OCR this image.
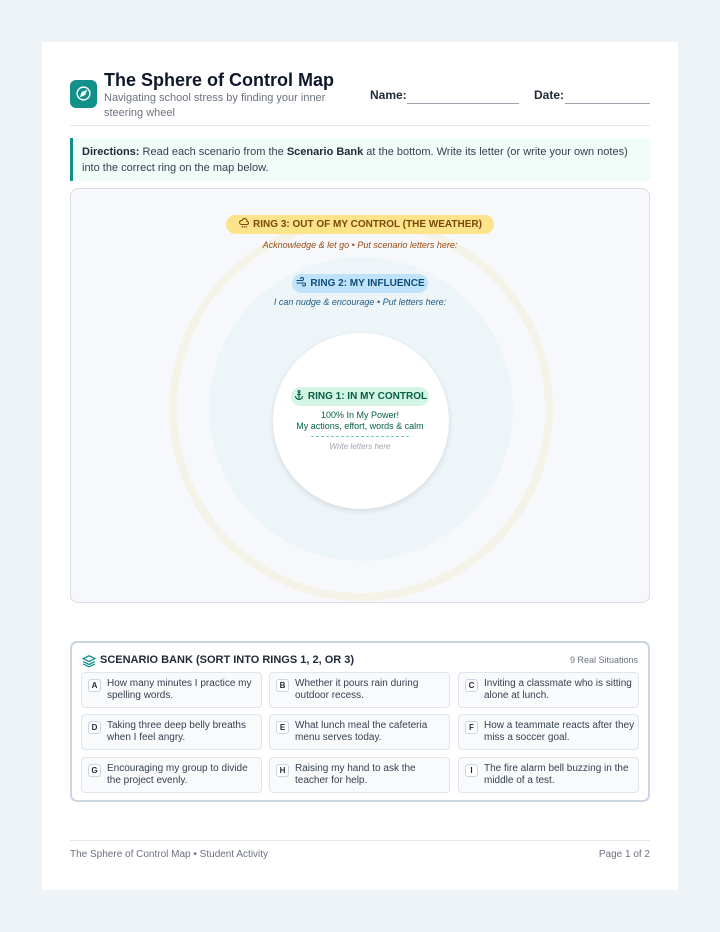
The Sphere of Control Map
Navigating school stress by finding your inner steering wheel
Name:	Date:
Directions: Read each scenario from the Scenario Bank at the bottom. Write its letter (or write your own notes) into the correct ring on the map below.
RING 3: OUT OF MY CONTROL (THE WEATHER)
Acknowledge & let go • Put scenario letters here:
RING 2: MY INFLUENCE
I can nudge & encourage • Put letters here:
RING 1: IN MY CONTROL
100% In My Power!
My actions, effort, words & calm
Write letters here
SCENARIO BANK (SORT INTO RINGS 1, 2, OR 3)	9 Real Situations
A How many minutes I practice my spelling words.
B Whether it pours rain during outdoor recess.
C Inviting a classmate who is sitting alone at lunch.
D Taking three deep belly breaths when I feel angry.
E What lunch meal the cafeteria menu serves today.
F	How a teammate reacts after they miss a soccer goal.
G Encouraging my group to divide the project evenly.
H Raising my hand to ask the teacher for help.
I	The fire alarm bell buzzing in the middle of a test.
The Sphere of Control Map • Student Activity	Page 1 of 2
